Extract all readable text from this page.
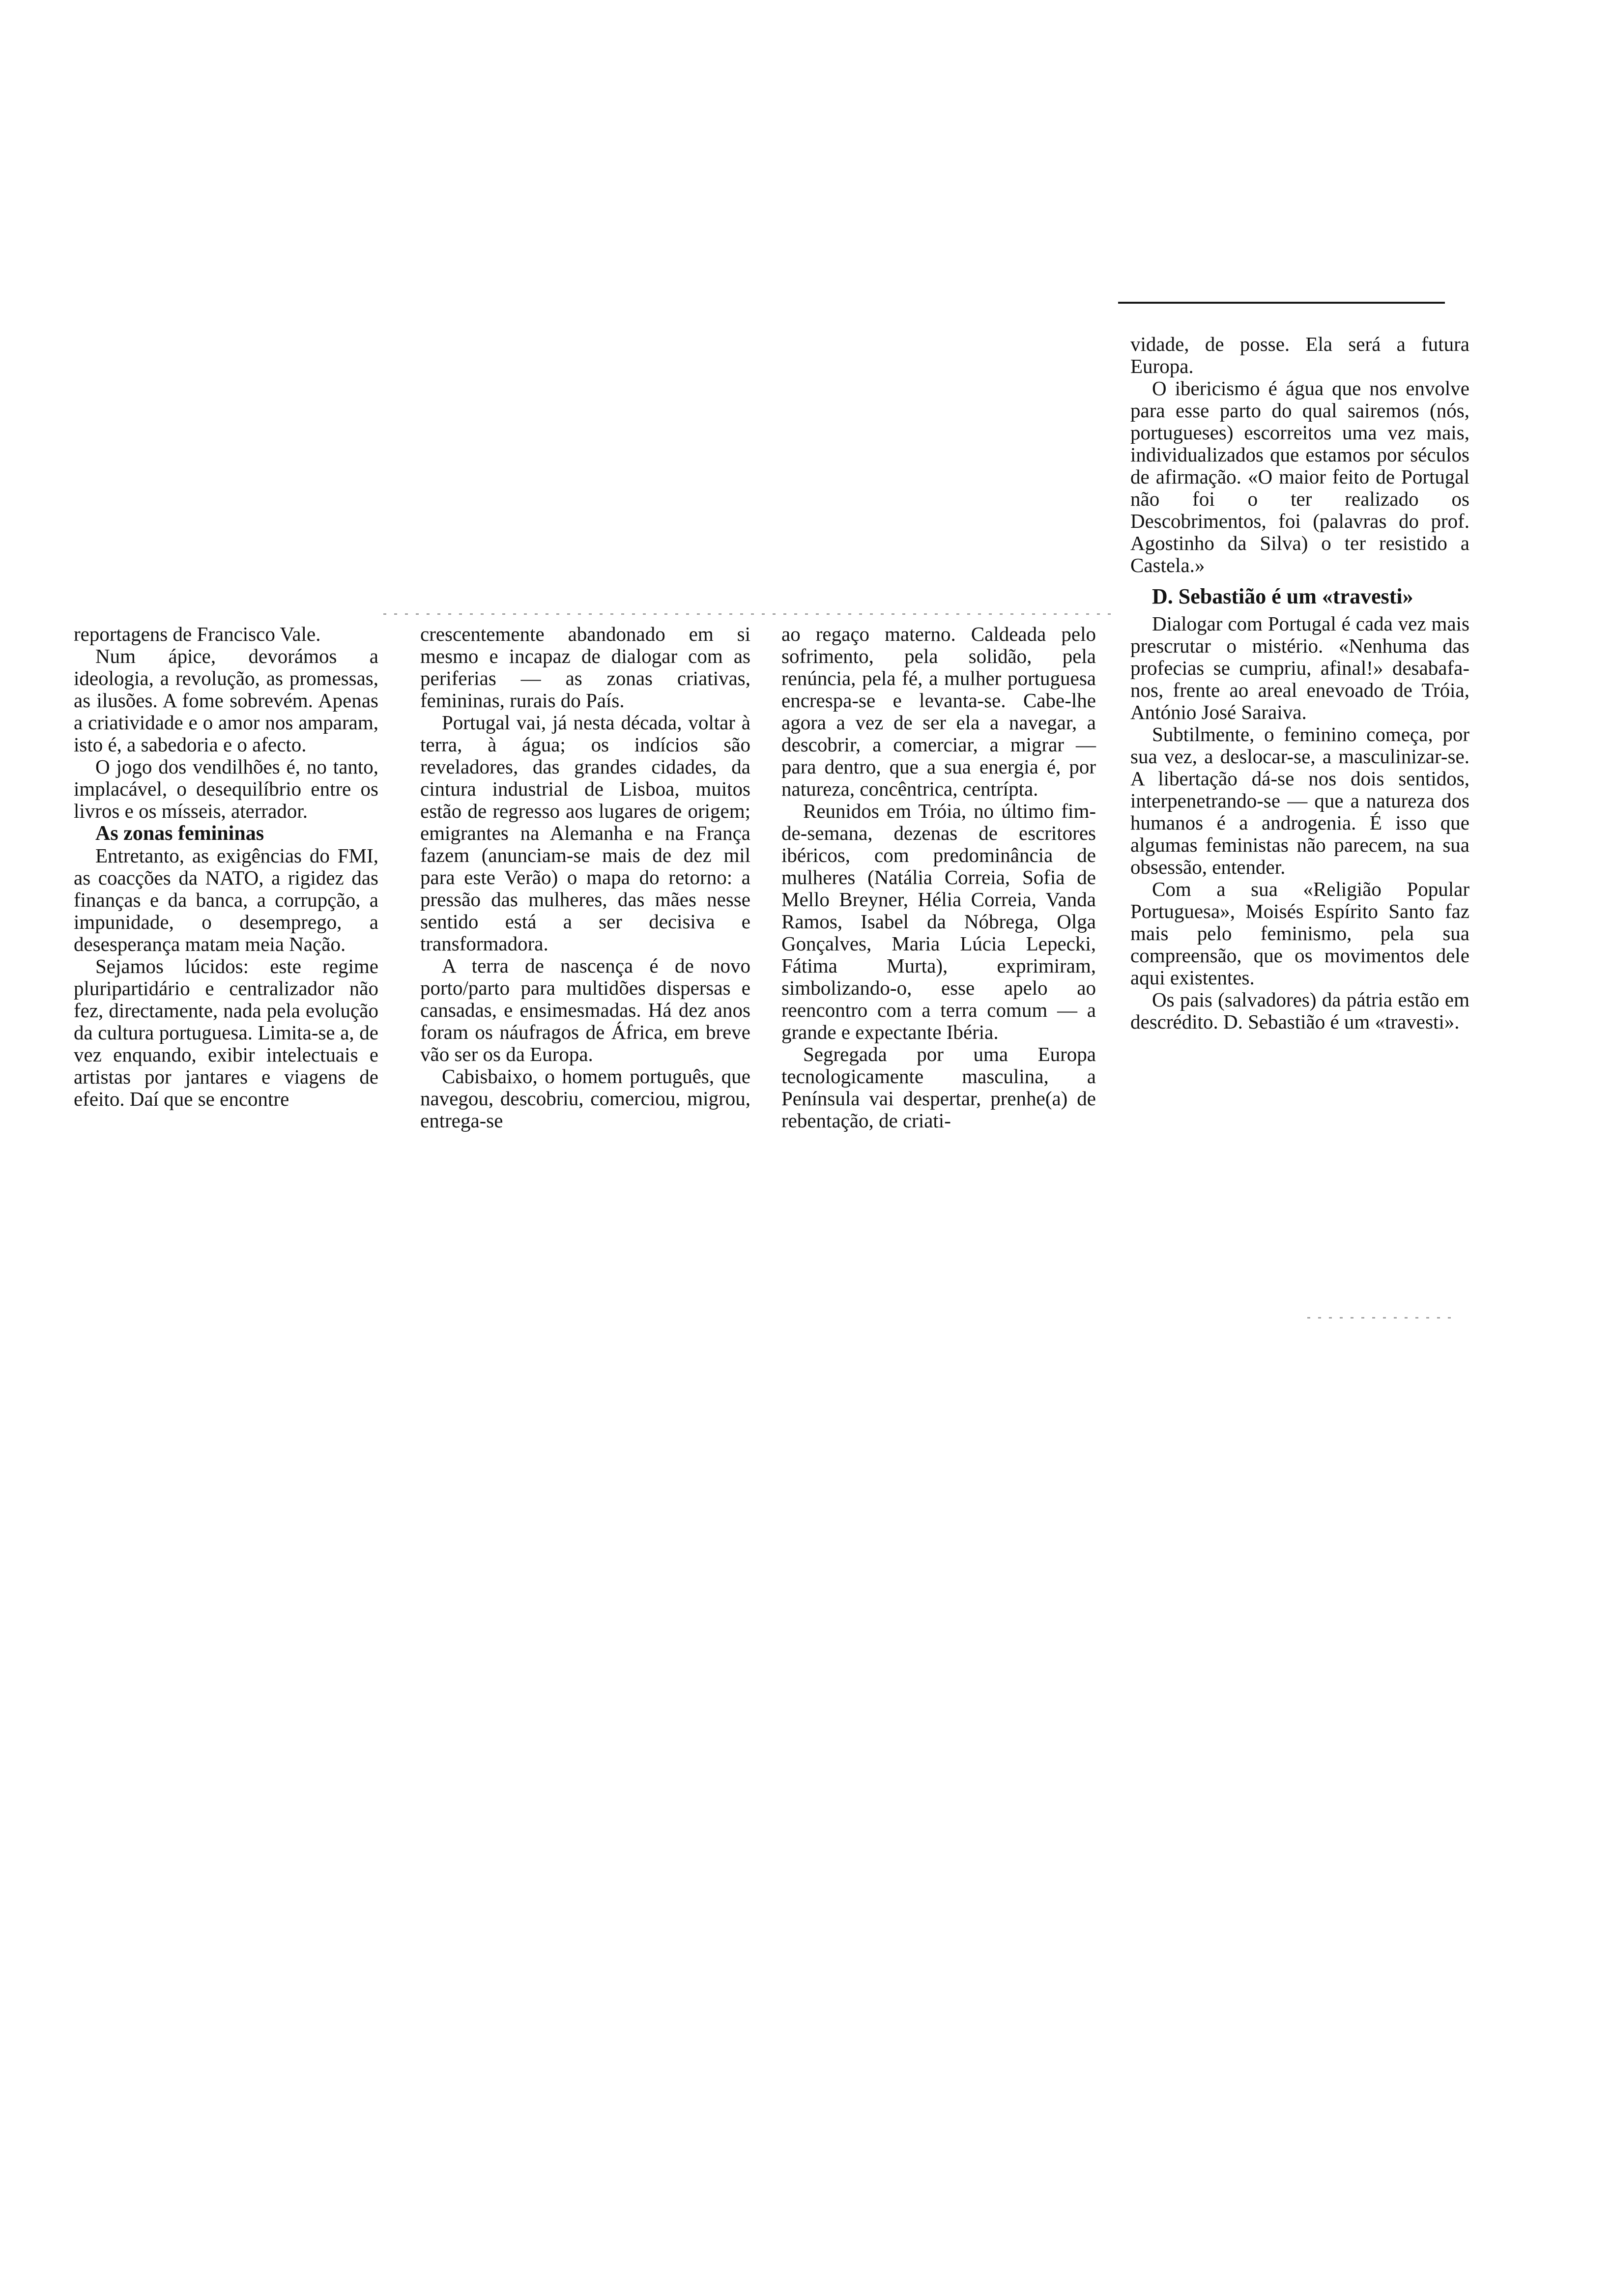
reportagens de Francisco Vale.

Num ápice, devorámos a ideologia, a revolução, as promessas, as ilusões. A fome sobrevém. Apenas a criatividade e o amor nos amparam, isto é, a sabedoria e o afecto.

O jogo dos vendilhões é, no tanto, implacável, o desequilíbrio entre os livros e os mísseis, aterrador.

As zonas femininas

Entretanto, as exigências do FMI, as coacções da NATO, a rigidez das finanças e da banca, a corrupção, a impunidade, o desemprego, a desesperança matam meia Nação.

Sejamos lúcidos: este regime pluripartidário e centralizador não fez, directamente, nada pela evolução da cultura portuguesa. Limita-se a, de vez enquando, exibir intelectuais e artistas por jantares e viagens de efeito. Daí que se encontre

crescentemente abandonado em si mesmo e incapaz de dialogar com as periferias — as zonas criativas, femininas, rurais do País.

Portugal vai, já nesta década, voltar à terra, à água; os indícios são reveladores, das grandes cidades, da cintura industrial de Lisboa, muitos estão de regresso aos lugares de origem; emigrantes na Alemanha e na França fazem (anunciam-se mais de dez mil para este Verão) o mapa do retorno: a pressão das mulheres, das mães nesse sentido está a ser decisiva e transformadora.

A terra de nascença é de novo porto/parto para multidões dispersas e cansadas, e ensimesmadas. Há dez anos foram os náufragos de África, em breve vão ser os da Europa.

Cabisbaixo, o homem português, que navegou, descobriu, comerciou, migrou, entrega-se

ao regaço materno. Caldeada pelo sofrimento, pela solidão, pela renúncia, pela fé, a mulher portuguesa encrespa-se e levanta-se. Cabe-lhe agora a vez de ser ela a navegar, a descobrir, a comerciar, a migrar — para dentro, que a sua energia é, por natureza, concêntrica, centrípta.

Reunidos em Tróia, no último fim-de-semana, dezenas de escritores ibéricos, com predominância de mulheres (Natália Correia, Sofia de Mello Breyner, Hélia Correia, Vanda Ramos, Isabel da Nóbrega, Olga Gonçalves, Maria Lúcia Lepecki, Fátima Murta), exprimiram, simbolizando-o, esse apelo ao reencontro com a terra comum — a grande e expectante Ibéria.

Segregada por uma Europa tecnologicamente masculina, a Península vai despertar, prenhe(a) de rebentação, de criati-

vidade, de posse. Ela será a futura Europa.

O ibericismo é água que nos envolve para esse parto do qual sairemos (nós, portugueses) escorreitos uma vez mais, individualizados que estamos por séculos de afirmação. «O maior feito de Portugal não foi o ter realizado os Descobrimentos, foi (palavras do prof. Agostinho da Silva) o ter resistido a Castela.»

D. Sebastião é um «travesti»

Dialogar com Portugal é cada vez mais prescrutar o mistério. «Nenhuma das profecias se cumpriu, afinal!» desabafa-nos, frente ao areal enevoado de Tróia, António José Saraiva.

Subtilmente, o feminino começa, por sua vez, a deslocar-se, a masculinizar-se. A libertação dá-se nos dois sentidos, interpenetrando-se — que a natureza dos humanos é a androgenia. É isso que algumas feministas não parecem, na sua obsessão, entender.

Com a sua «Religião Popular Portuguesa», Moisés Espírito Santo faz mais pelo feminismo, pela sua compreensão, que os movimentos dele aqui existentes.

Os pais (salvadores) da pátria estão em descrédito. D. Sebastião é um «travesti».
